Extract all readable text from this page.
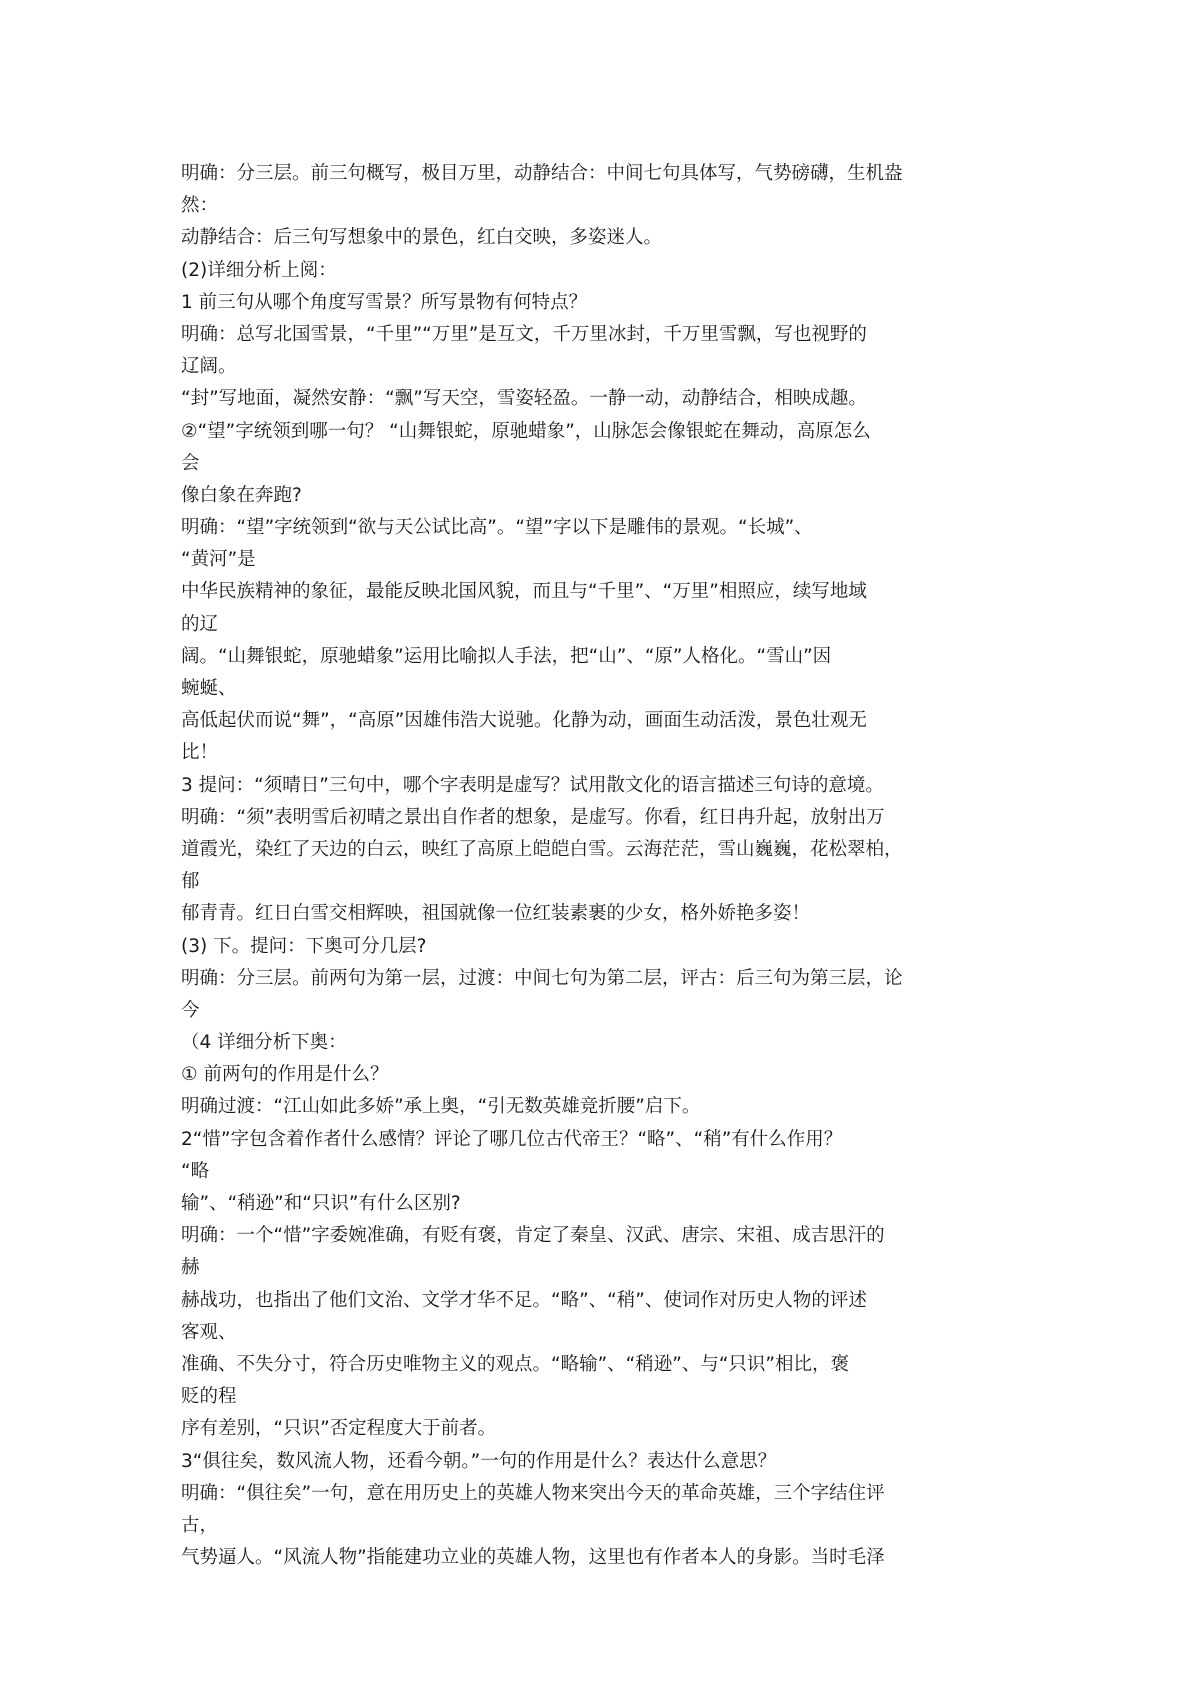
明确：分三层。前三句概写，极目万里，动静结合：中间七句具体写，气势磅礴，生机盎
然：
动静结合：后三句写想象中的景色，红白交映，多姿迷人。
(2)详细分析上阅：
1 前三句从哪个角度写雪景？所写景物有何特点？
明确：总写北国雪景，“千里”“万里”是互文，千万里冰封，千万里雪飘，写也视野的
辽阔。
“封”写地面，凝然安静：“飘”写天空，雪姿轻盈。一静一动，动静结合，相映成趣。
②“望”字统领到哪一句？ “山舞银蛇，原驰蜡象”，山脉怎会像银蛇在舞动，高原怎么
会
像白象在奔跑?
明确：“望”字统领到“欲与天公试比高”。“望”字以下是雕伟的景观。“长城”、
“黄河”是
中华民族精神的象征，最能反映北国风貌，而且与“千里”、“万里”相照应，续写地域
的辽
阔。“山舞银蛇，原驰蜡象”运用比喻拟人手法，把“山”、“原”人格化。“雪山”因
蜿蜒、
高低起伏而说“舞”，“高原”因雄伟浩大说驰。化静为动，画面生动活泼，景色壮观无
比！
3 提问：“须晴日”三句中，哪个字表明是虚写？试用散文化的语言描述三句诗的意境。
明确：“须”表明雪后初晴之景出自作者的想象，是虚写。你看，红日冉升起，放射出万
道霞光，染红了天边的白云，映红了高原上皑皑白雪。云海茫茫，雪山巍巍，花松翠柏，
郁
郁青青。红日白雪交相辉映，祖国就像一位红装素裹的少女，格外娇艳多姿！
(3) 下。提问：下奥可分几层?
明确：分三层。前两句为第一层，过渡：中间七句为第二层，评古：后三句为第三层，论
今
（4 详细分析下奥：
① 前两句的作用是什么？
明确过渡：“江山如此多娇”承上奥，“引无数英雄竞折腰”启下。
2“惜”字包含着作者什么感情？评论了哪几位古代帝王？“略”、“稍”有什么作用？
“略
输”、“稍逊”和“只识”有什么区别?
明确：一个“惜”字委婉准确，有贬有褒，肯定了秦皇、汉武、唐宗、宋祖、成吉思汗的
赫
赫战功，也指出了他们文治、文学才华不足。“略”、“稍”、使词作对历史人物的评述
客观、
准确、不失分寸，符合历史唯物主义的观点。“略输”、“稍逊”、与“只识”相比，褒
贬的程
序有差别，“只识”否定程度大于前者。
3“俱往矣，数风流人物，还看今朝。”一句的作用是什么？表达什么意思？
明确：“俱往矣”一句，意在用历史上的英雄人物来突出今天的革命英雄，三个字结住评
古，
气势逼人。“风流人物”指能建功立业的英雄人物，这里也有作者本人的身影。当时毛泽
